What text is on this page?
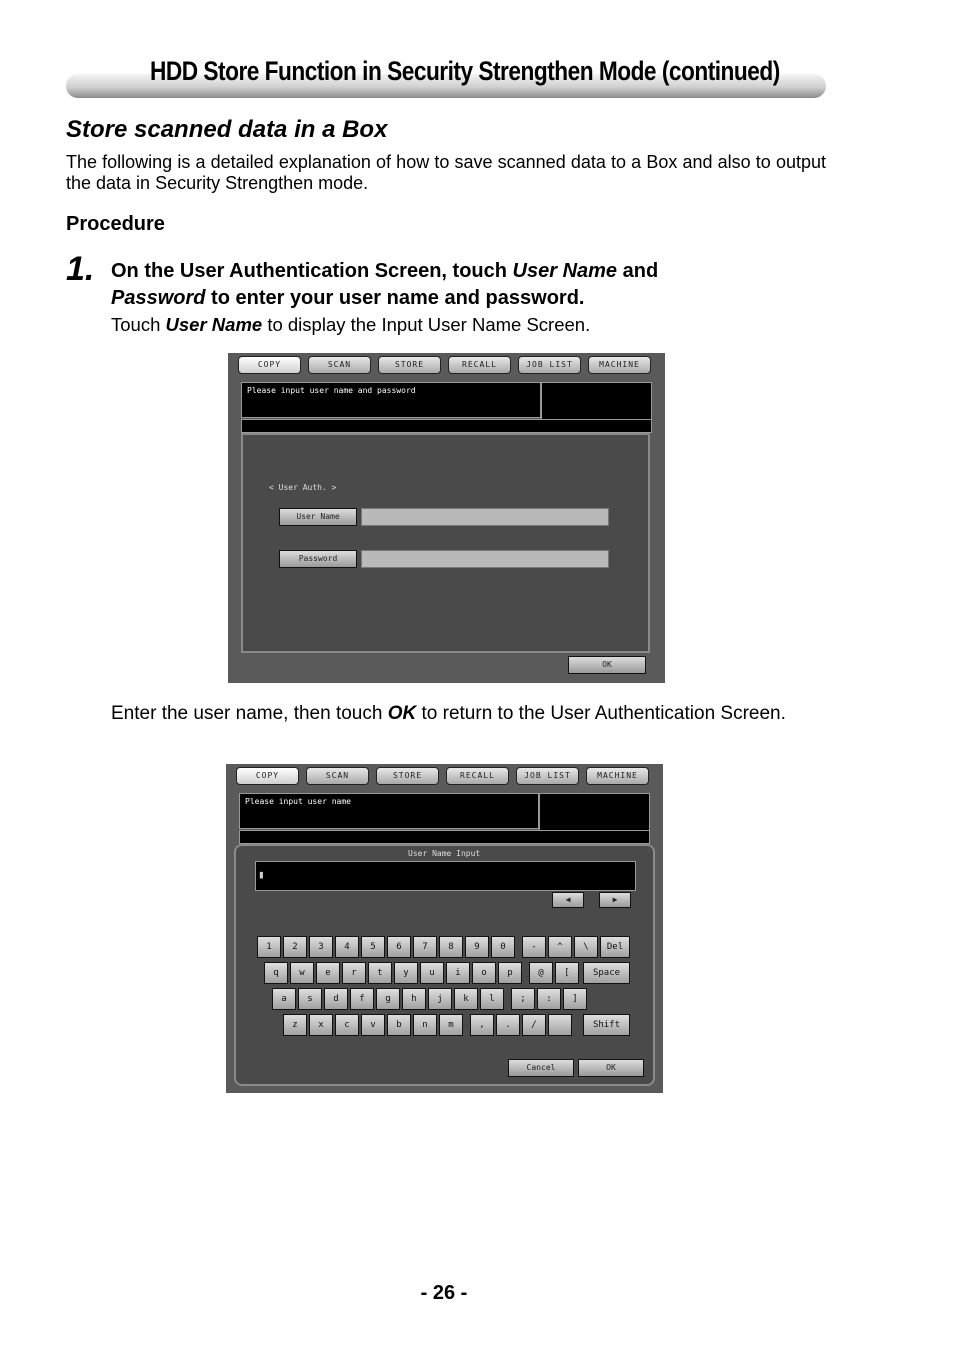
HDD Store Function in Security Strengthen Mode (continued)
Store scanned data in a Box
The following is a detailed explanation of how to save scanned data to a Box and also to output the data in Security Strengthen mode.
Procedure
1. On the User Authentication Screen, touch User Name and
Password to enter your user name and password.
Touch User Name to display the Input User Name Screen.
COPY	SCAN	STORE	RECALL	JOB LIST	MACHINE
Please input user name and password
< User Auth. >
User Name
Password
OK
Enter the user name, then touch OK to return to the User Authentication Screen.
COPY	SCAN	STORE	RECALL	JOB LIST	MACHINE
Please input user name
User Name Input
▮
◀	▶
1	2	3	4	5	6	7	8	9	0	-	^	\	Del
q	w	e	r	t	y	u	i	o	p	@	[	Space
a	s	d	f	g	h	j	k	l	;	:	]
z	x	c	v	b	n	m	,	.	/	Shift
Cancel	OK
- 26 -
